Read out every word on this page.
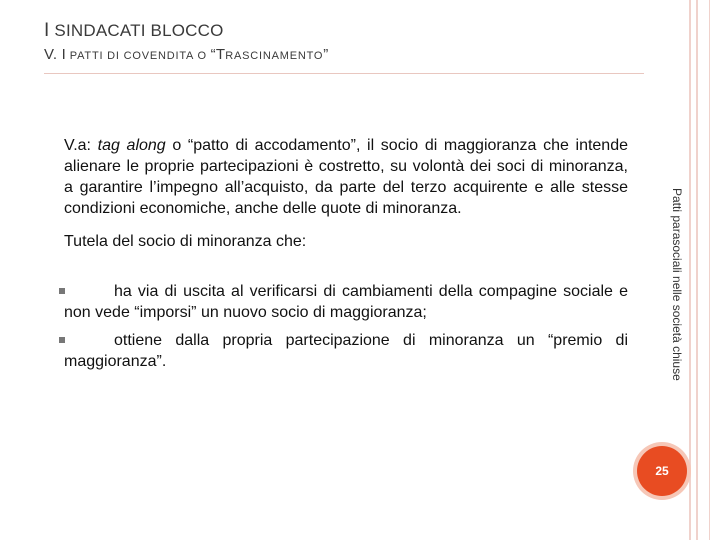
I SINDACATI BLOCCO
V. I PATTI DI COVENDITA O “TRASCINAMENTO”

V.a: tag along o “patto di accodamento”, il socio di maggioranza che intende alienare le proprie partecipazioni è costretto, su volontà dei soci di minoranza, a garantire l’impegno all’acquisto, da parte del terzo acquirente e alle stesse condizioni economiche, anche delle quote di minoranza.

Tutela del socio di minoranza che:

ha via di uscita al verificarsi di cambiamenti della compagine sociale e non vede “imporsi” un nuovo socio di maggioranza;
ottiene dalla propria partecipazione di minoranza un “premio di maggioranza”.	Patti parasociali nelle società chiuse
25
